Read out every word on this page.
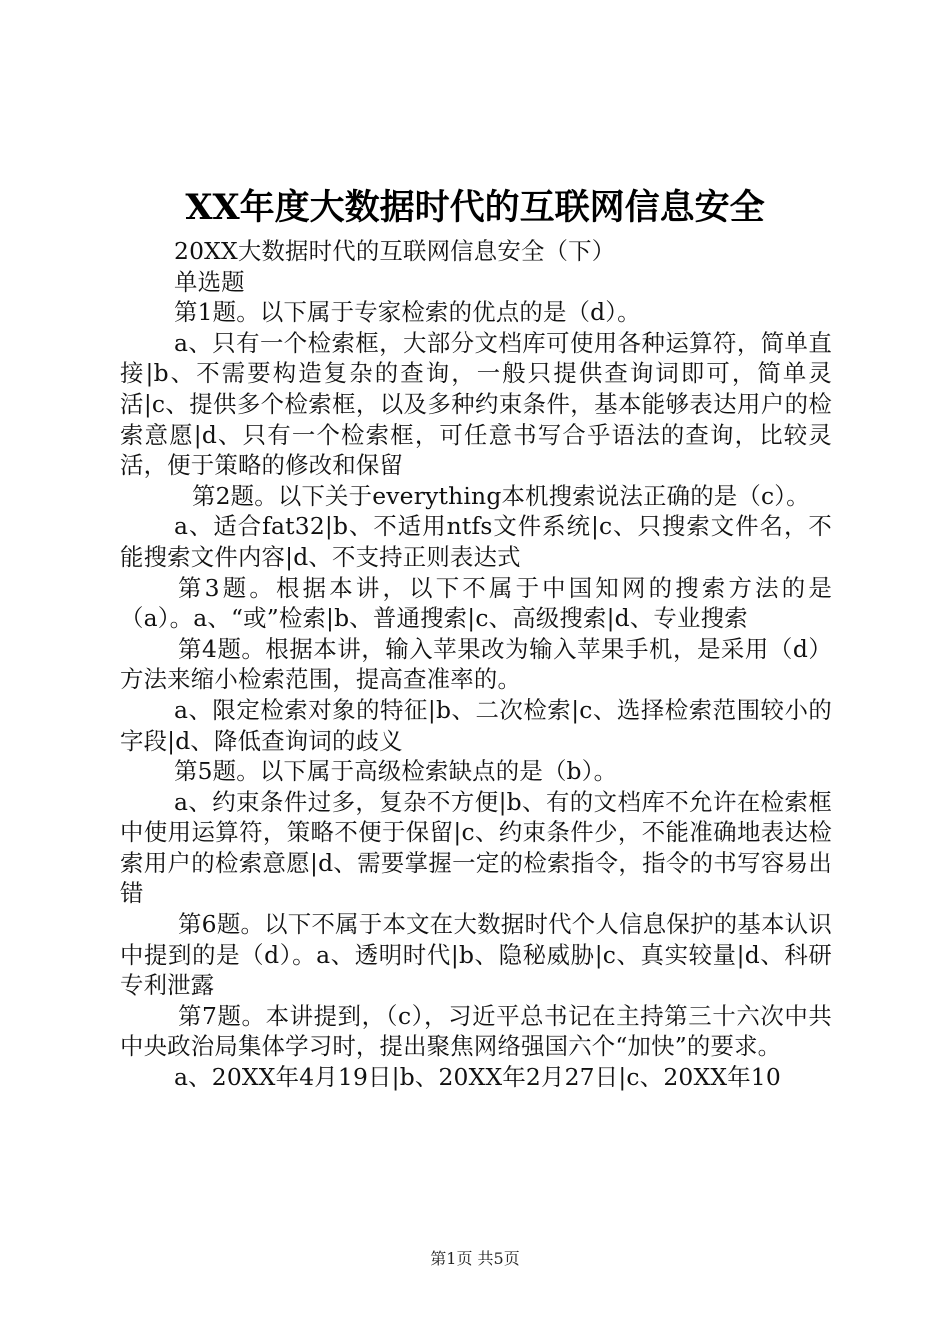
XX年度大数据时代的互联网信息安全

20XX大数据时代的互联网信息安全（下）

单选题

第1题。以下属于专家检索的优点的是（d）。

a、只有一个检索框，大部分文档库可使用各种运算符，简单直接|b、不需要构造复杂的查询，一般只提供查询词即可，简单灵活|c、提供多个检索框，以及多种约束条件，基本能够表达用户的检索意愿|d、只有一个检索框，可任意书写合乎语法的查询，比较灵活，便于策略的修改和保留

第2题。以下关于everything本机搜索说法正确的是（c）。

a、适合fat32|b、不适用ntfs文件系统|c、只搜索文件名，不能搜索文件内容|d、不支持正则表达式

第3题。根据本讲，以下不属于中国知网的搜索方法的是（a）。a、“或”检索|b、普通搜索|c、高级搜索|d、专业搜索

第4题。根据本讲，输入苹果改为输入苹果手机，是采用（d）方法来缩小检索范围，提高查准率的。

a、限定检索对象的特征|b、二次检索|c、选择检索范围较小的字段|d、降低查询词的歧义

第5题。以下属于高级检索缺点的是（b）。

a、约束条件过多，复杂不方便|b、有的文档库不允许在检索框中使用运算符，策略不便于保留|c、约束条件少，不能准确地表达检索用户的检索意愿|d、需要掌握一定的检索指令，指令的书写容易出错

第6题。以下不属于本文在大数据时代个人信息保护的基本认识中提到的是（d）。a、透明时代|b、隐秘威胁|c、真实较量|d、科研专利泄露

第7题。本讲提到，（c），习近平总书记在主持第三十六次中共中央政治局集体学习时，提出聚焦网络强国六个“加快”的要求。

a、20XX年4月19日|b、20XX年2月27日|c、20XX年10

第1页 共5页
